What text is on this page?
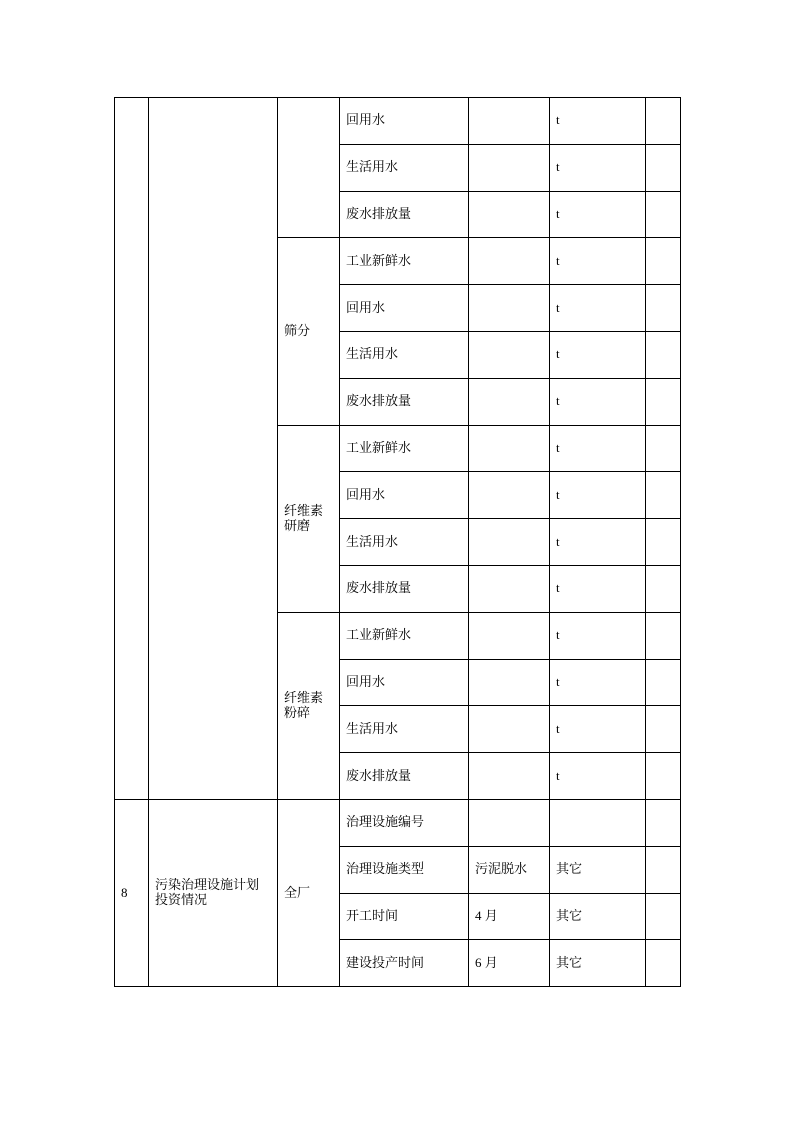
			回用水		t	
			生活用水		t	
			废水排放量		t	
		筛分	工业新鲜水		t	
			回用水		t	
			生活用水		t	
			废水排放量		t	
		纤维素研磨	工业新鲜水		t	
			回用水		t	
			生活用水		t	
			废水排放量		t	
		纤维素粉碎	工业新鲜水		t	
			回用水		t	
			生活用水		t	
			废水排放量		t	
8	污染治理设施计划投资情况	全厂	治理设施编号			
			治理设施类型	污泥脱水	其它	
			开工时间	4 月	其它	
			建设投产时间	6 月	其它	
